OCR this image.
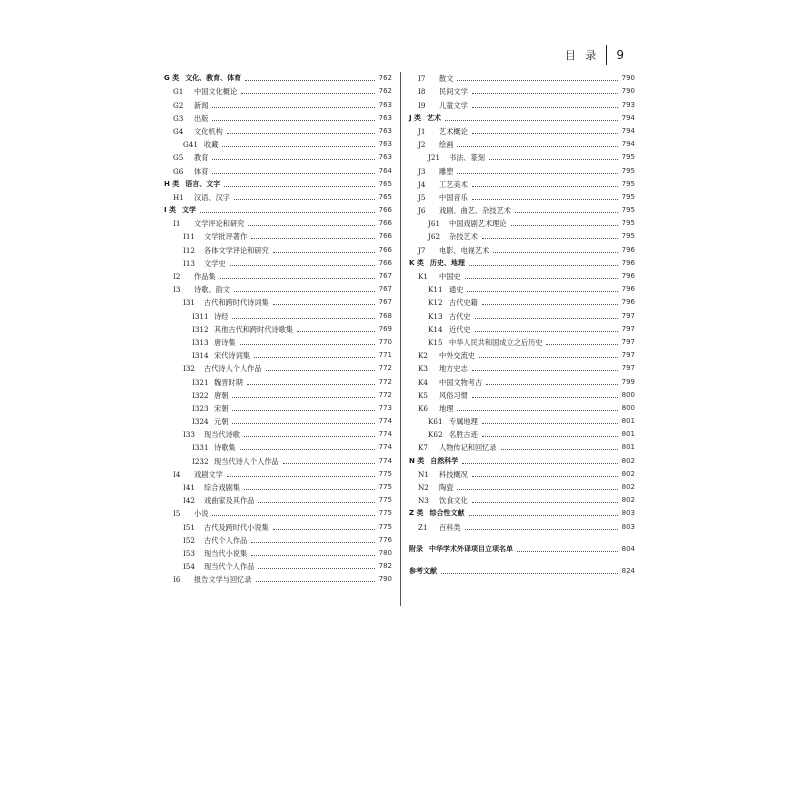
目 录 9
G 类 文化、教育、体育	762
G1	中国文化概论	762
G2	新闻	763
G3	出版	763
G4	文化机构	763
G41 收藏	763
G5	教育	763
G6	体育	764
H 类 语言、文字	765
H1	汉语、汉字	765
I 类 文学	766
I1	文学评论和研究	766
I11	文学批评著作	766
I12	各体文学评论和研究	766
I13	文学史	766
I2	作品集	767
I3	诗歌、韵文	767
I31	古代和跨时代诗词集	767
I311 诗经	768
I312 其他古代和跨时代诗歌集	769
I313 唐诗集	770
I314 宋代诗词集	771
I32	古代诗人个人作品	772
I321 魏晋时期	772
I322 唐朝	772
I323 宋朝	773
I324 元朝	774
I33	现当代诗歌	774
I331 诗歌集	774
I232 现当代诗人个人作品	774
I4	戏剧文学	775
I41	综合戏剧集	775
I42	戏曲家及其作品	775
I5	小说	775
I51	古代及跨时代小说集	775
I52	古代个人作品	776
I53	现当代小说集	780
I54	现当代个人作品	782
I6	报告文学与回忆录	790
I7	散文	790
I8	民间文学	790
I9	儿童文学	793
J 类 艺术	794
J1	艺术概论	794
J2	绘画	794
J21	书法、篆刻	795
J3	雕塑	795
J4	工艺美术	795
J5	中国音乐	795
J6	戏剧、曲艺、杂技艺术	795
J61	中国戏剧艺术理论	795
J62	杂技艺术	795
J7	电影、电视艺术	796
K 类 历史、地理	796
K1	中国史	796
K11 通史	796
K12 古代史籍	796
K13 古代史	797
K14 近代史	797
K15 中华人民共和国成立之后历史	797
K2	中外交流史	797
K3	地方史志	797
K4	中国文物考古	799
K5	风俗习惯	800
K6	地理	800
K61 专属地理	801
K62 名胜古迹	801
K7	人物传记和回忆录	801
N 类 自然科学	802
N1	科技概况	802
N2	陶瓷	802
N3	饮食文化	802
Z 类 综合性文献	803
Z1	百科类	803
附录 中华学术外译项目立项名单	804
参考文献	824
